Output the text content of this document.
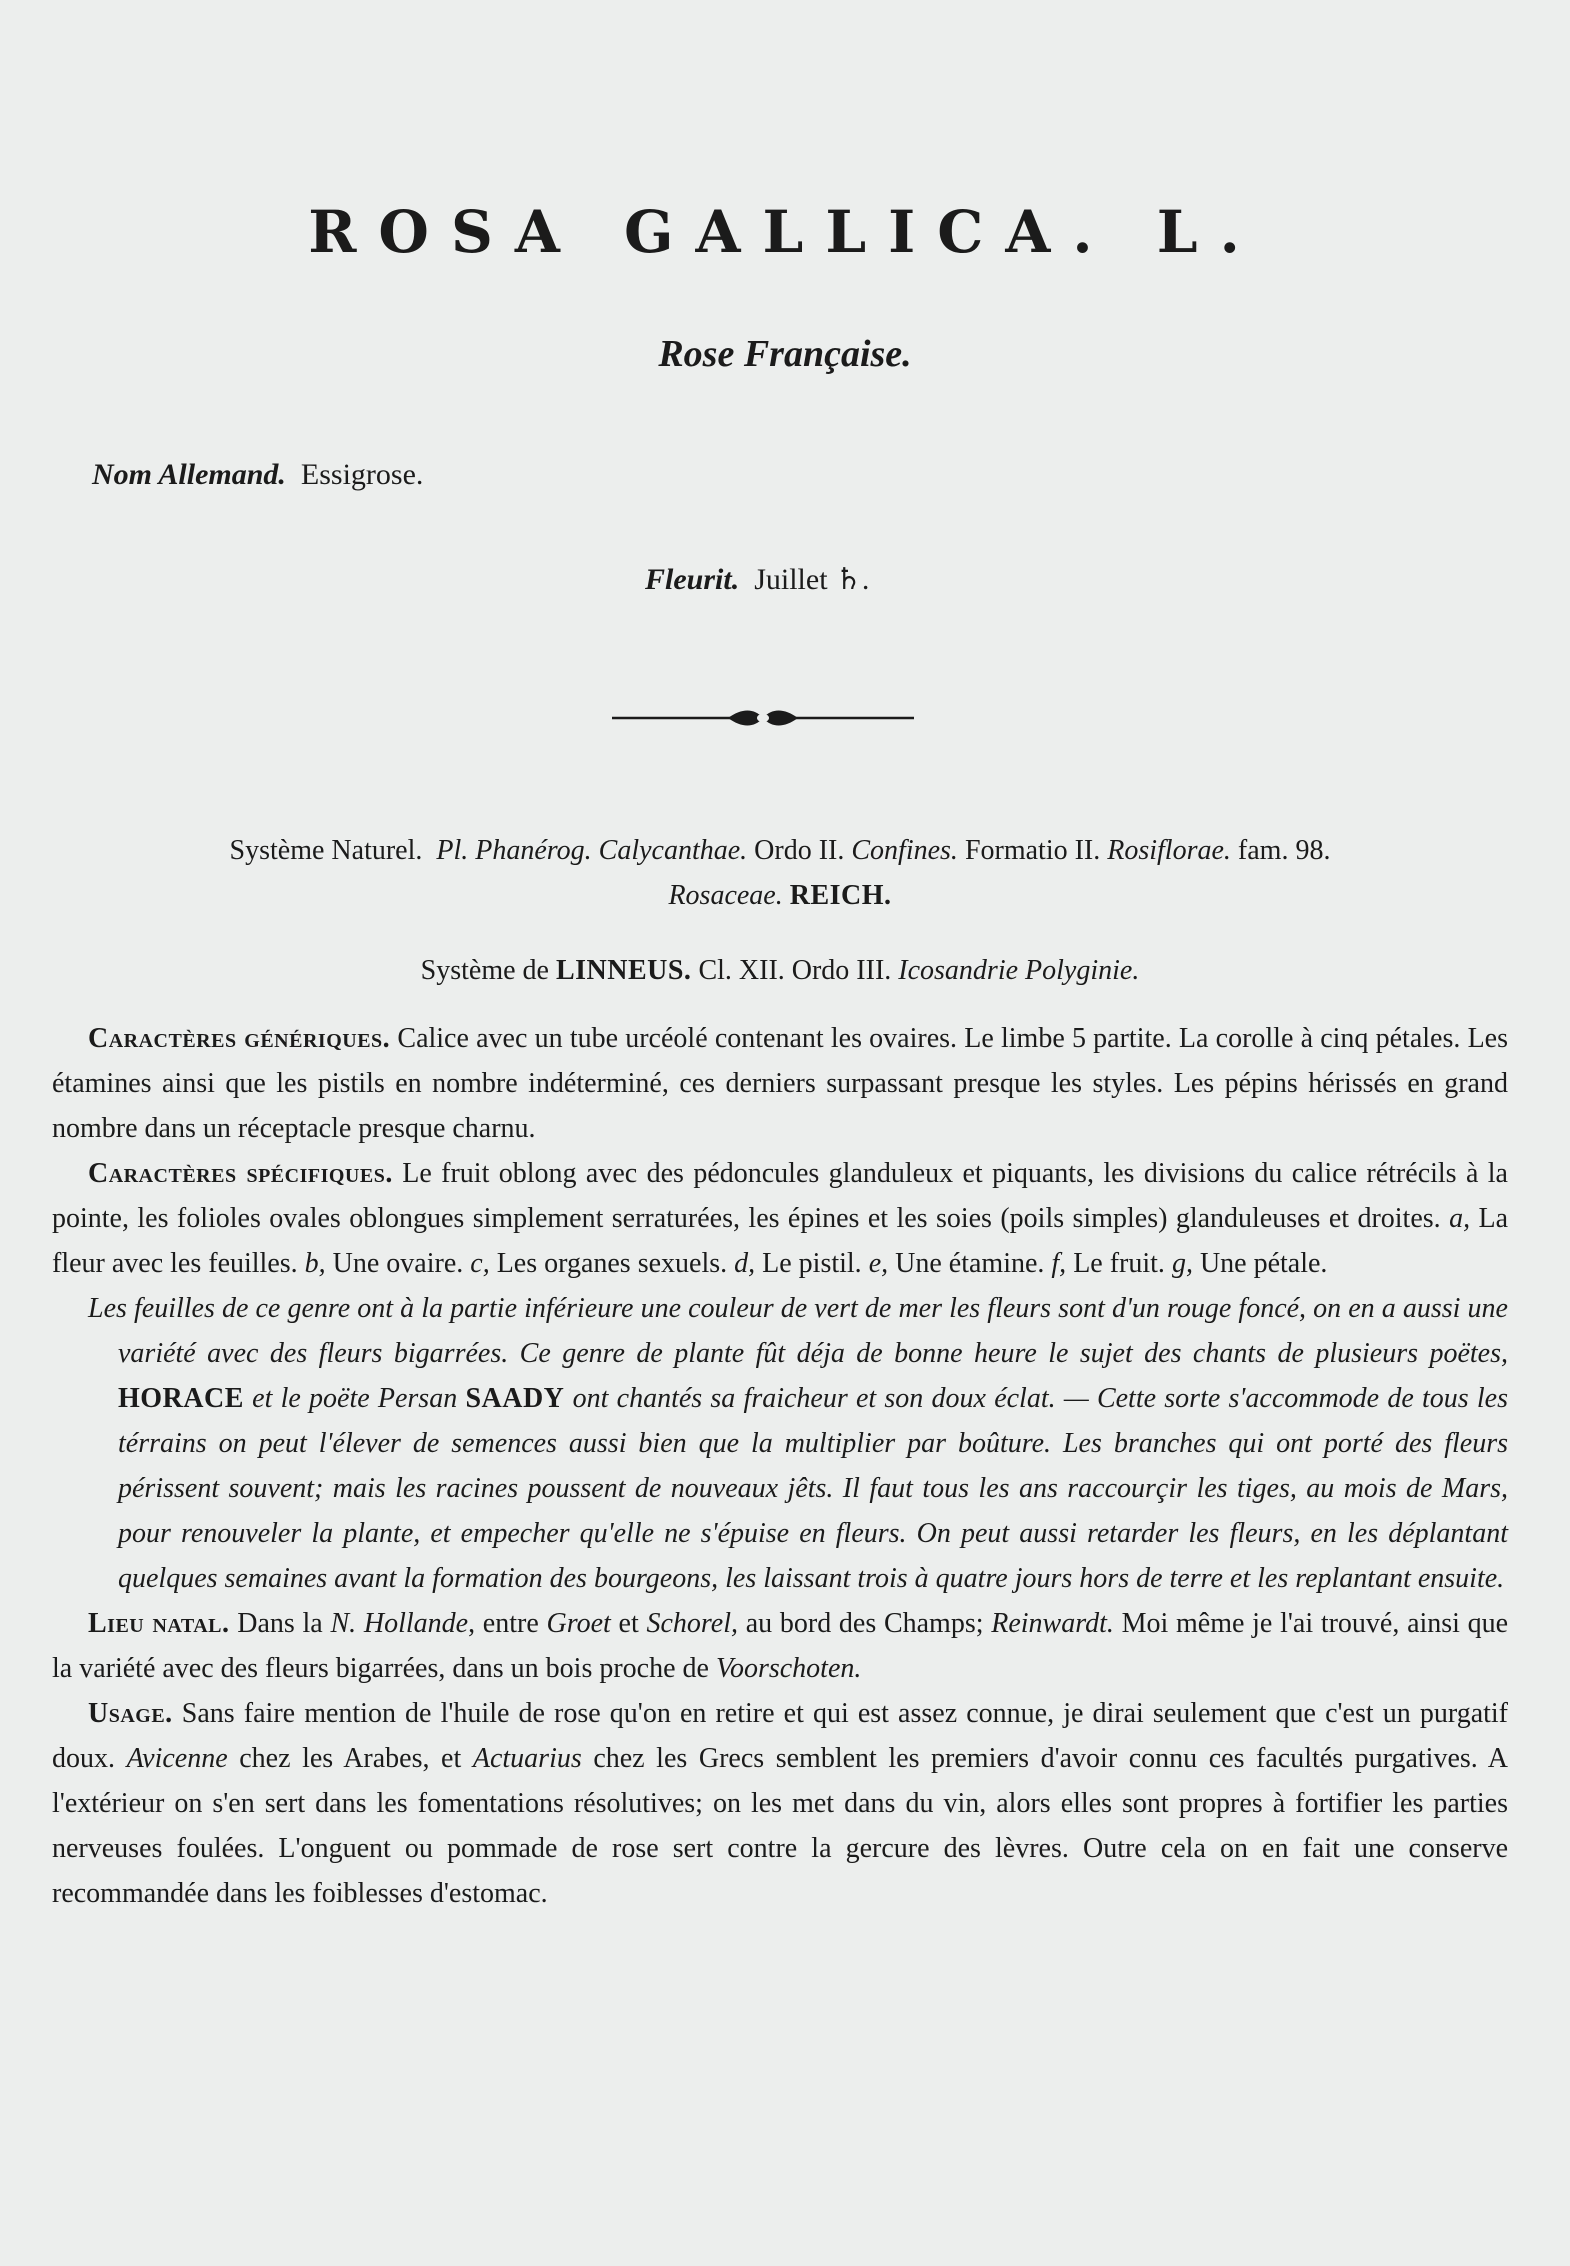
ROSA GALLICA. L.
Rose Française.
Nom Allemand. Essigrose.
Fleurit. Juillet ♄.
Système Naturel. Pl. Phanérog. Calycanthae. Ordo II. Confines. Formatio II. Rosiflorae. fam. 98.
Rosaceae. REICH.
Système de LINNEUS. Cl. XII. Ordo III. Icosandrie Polyginie.

Caractères génériques. Calice avec un tube urcéolé contenant les ovaires. Le limbe 5 partite. La corolle à cinq pétales. Les étamines ainsi que les pistils en nombre indéterminé, ces derniers surpassant presque les styles. Les pépins hérissés en grand nombre dans un réceptacle presque charnu.

Caractères spécifiques. Le fruit oblong avec des pédoncules glanduleux et piquants, les divisions du calice rétrécils à la pointe, les folioles ovales oblongues simplement serraturées, les épines et les soies (poils simples) glanduleuses et droites. a, La fleur avec les feuilles. b, Une ovaire. c, Les organes sexuels. d, Le pistil. e, Une étamine. f, Le fruit. g, Une pétale.

Les feuilles de ce genre ont à la partie inférieure une couleur de vert de mer les fleurs sont d'un rouge foncé, on en a aussi une variété avec des fleurs bigarrées. Ce genre de plante fût déja de bonne heure le sujet des chants de plusieurs poëtes, HORACE et le poëte Persan SAADY ont chantés sa fraicheur et son doux éclat. — Cette sorte s'accommode de tous les térrains on peut l'élever de semences aussi bien que la multiplier par boûture. Les branches qui ont porté des fleurs périssent souvent; mais les racines poussent de nouveaux jêts. Il faut tous les ans raccourçir les tiges, au mois de Mars, pour renouveler la plante, et empecher qu'elle ne s'épuise en fleurs. On peut aussi retarder les fleurs, en les déplantant quelques semaines avant la formation des bourgeons, les laissant trois à quatre jours hors de terre et les replantant ensuite.

Lieu natal. Dans la N. Hollande, entre Groet et Schorel, au bord des Champs; Reinwardt. Moi même je l'ai trouvé, ainsi que la variété avec des fleurs bigarrées, dans un bois proche de Voorschoten.

Usage. Sans faire mention de l'huile de rose qu'on en retire et qui est assez connue, je dirai seulement que c'est un purgatif doux. Avicenne chez les Arabes, et Actuarius chez les Grecs semblent les premiers d'avoir connu ces facultés purgatives. A l'extérieur on s'en sert dans les fomentations résolutives; on les met dans du vin, alors elles sont propres à fortifier les parties nerveuses foulées. L'onguent ou pommade de rose sert contre la gercure des lèvres. Outre cela on en fait une conserve recommandée dans les foiblesses d'estomac.
